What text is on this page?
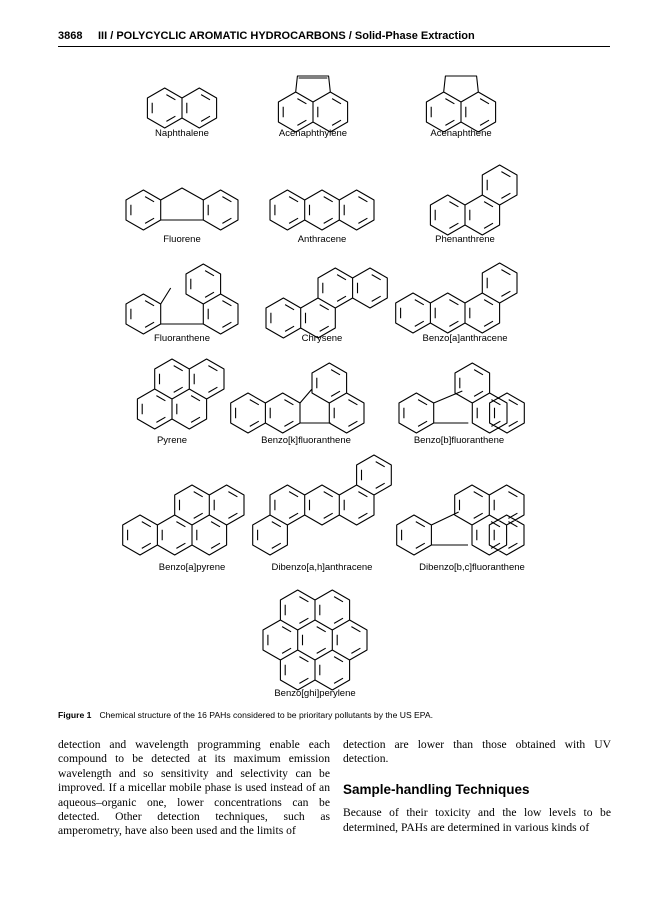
3868 III / POLYCYCLIC AROMATIC HYDROCARBONS / Solid-Phase Extraction
Naphthalene	Acenaphthylene	Acenaphthene
Fluorene	Anthracene	Phenanthrene
Fluoranthene	Chrysene	Benzo[a]anthracene
Pyrene	Benzo[k]fluoranthene	Benzo[b]fluoranthene
Benzo[a]pyrene	Dibenzo[a,h]anthracene	Dibenzo[b,c]fluoranthene
Benzo[ghi]perylene
Figure 1 Chemical structure of the 16 PAHs considered to be prioritary pollutants by the US EPA.
detection and wavelength programming enable each compound to be detected at its maximum emission wavelength and so sensitivity and selectivity can be improved. If a micellar mobile phase is used instead of an aqueous–organic one, lower concentrations can be detected. Other detection techniques, such as amperometry, have also been used and the limits of
detection are lower than those obtained with UV detection.
Sample-handling Techniques
Because of their toxicity and the low levels to be determined, PAHs are determined in various kinds of
